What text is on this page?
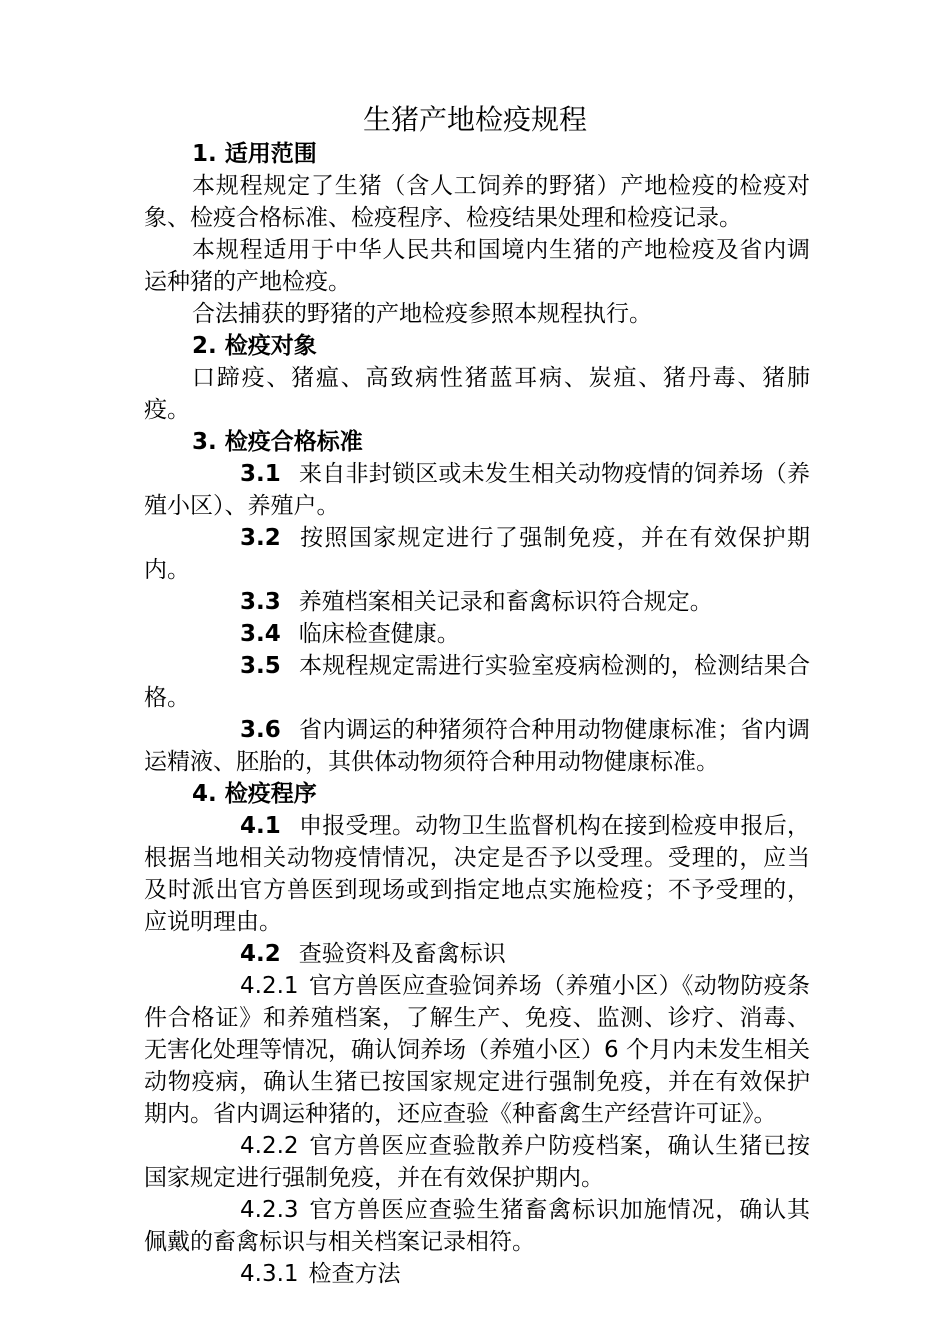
生猪产地检疫规程

1. 适用范围

本规程规定了生猪（含人工饲养的野猪）产地检疫的检疫对象、检疫合格标准、检疫程序、检疫结果处理和检疫记录。

本规程适用于中华人民共和国境内生猪的产地检疫及省内调运种猪的产地检疫。

合法捕获的野猪的产地检疫参照本规程执行。

2. 检疫对象

口蹄疫、猪瘟、高致病性猪蓝耳病、炭疽、猪丹毒、猪肺疫。

3. 检疫合格标准

3.1 来自非封锁区或未发生相关动物疫情的饲养场（养殖小区）、养殖户。

3.2 按照国家规定进行了强制免疫，并在有效保护期内。

3.3 养殖档案相关记录和畜禽标识符合规定。

3.4 临床检查健康。

3.5 本规程规定需进行实验室疫病检测的，检测结果合格。

3.6 省内调运的种猪须符合种用动物健康标准；省内调运精液、胚胎的，其供体动物须符合种用动物健康标准。

4. 检疫程序

4.1 申报受理。动物卫生监督机构在接到检疫申报后，根据当地相关动物疫情情况，决定是否予以受理。受理的，应当及时派出官方兽医到现场或到指定地点实施检疫；不予受理的，应说明理由。

4.2 查验资料及畜禽标识

4.2.1 官方兽医应查验饲养场（养殖小区）《动物防疫条件合格证》和养殖档案，了解生产、免疫、监测、诊疗、消毒、无害化处理等情况，确认饲养场（养殖小区）6 个月内未发生相关动物疫病，确认生猪已按国家规定进行强制免疫，并在有效保护期内。省内调运种猪的，还应查验《种畜禽生产经营许可证》。

4.2.2 官方兽医应查验散养户防疫档案，确认生猪已按国家规定进行强制免疫，并在有效保护期内。

4.2.3 官方兽医应查验生猪畜禽标识加施情况，确认其佩戴的畜禽标识与相关档案记录相符。

4.3.1 检查方法
